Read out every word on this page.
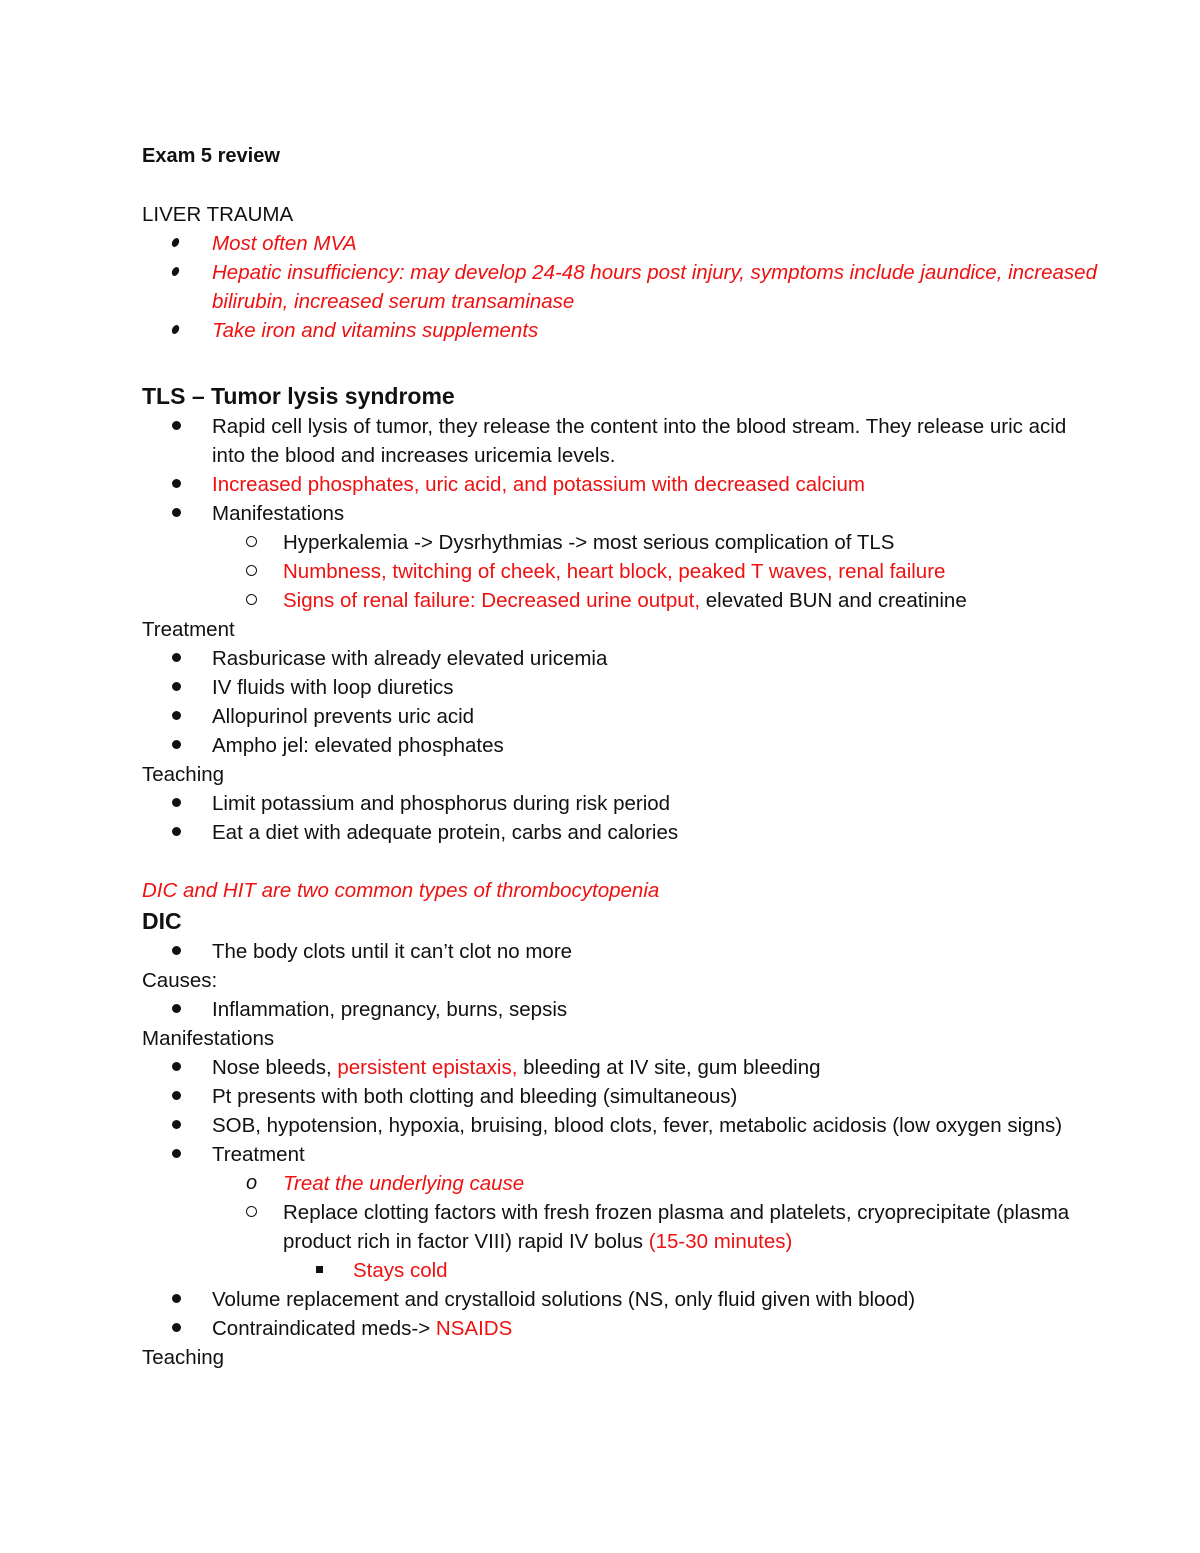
Exam 5 review

LIVER TRAUMA

Most often MVA
Hepatic insufficiency: may develop 24-48 hours post injury, symptoms include jaundice, increased bilirubin, increased serum transaminase
Take iron and vitamins supplements

TLS – Tumor lysis syndrome

Rapid cell lysis of tumor, they release the content into the blood stream. They release uric acid into the blood and increases uricemia levels.
Increased phosphates, uric acid, and potassium with decreased calcium
Manifestations
Hyperkalemia -> Dysrhythmias -> most serious complication of TLS
Numbness, twitching of cheek, heart block, peaked T waves, renal failure
Signs of renal failure: Decreased urine output, elevated BUN and creatinine

Treatment

Rasburicase with already elevated uricemia
IV fluids with loop diuretics
Allopurinol prevents uric acid
Ampho jel: elevated phosphates

Teaching

Limit potassium and phosphorus during risk period
Eat a diet with adequate protein, carbs and calories

DIC and HIT are two common types of thrombocytopenia

DIC

The body clots until it can’t clot no more

Causes:

Inflammation, pregnancy, burns, sepsis

Manifestations

Nose bleeds, persistent epistaxis, bleeding at IV site, gum bleeding
Pt presents with both clotting and bleeding (simultaneous)
SOB, hypotension, hypoxia, bruising, blood clots, fever, metabolic acidosis (low oxygen signs)
Treatment
o Treat the underlying cause
Replace clotting factors with fresh frozen plasma and platelets, cryoprecipitate (plasma product rich in factor VIII) rapid IV bolus (15-30 minutes)
Stays cold
Volume replacement and crystalloid solutions (NS, only fluid given with blood)
Contraindicated meds-> NSAIDS

Teaching
